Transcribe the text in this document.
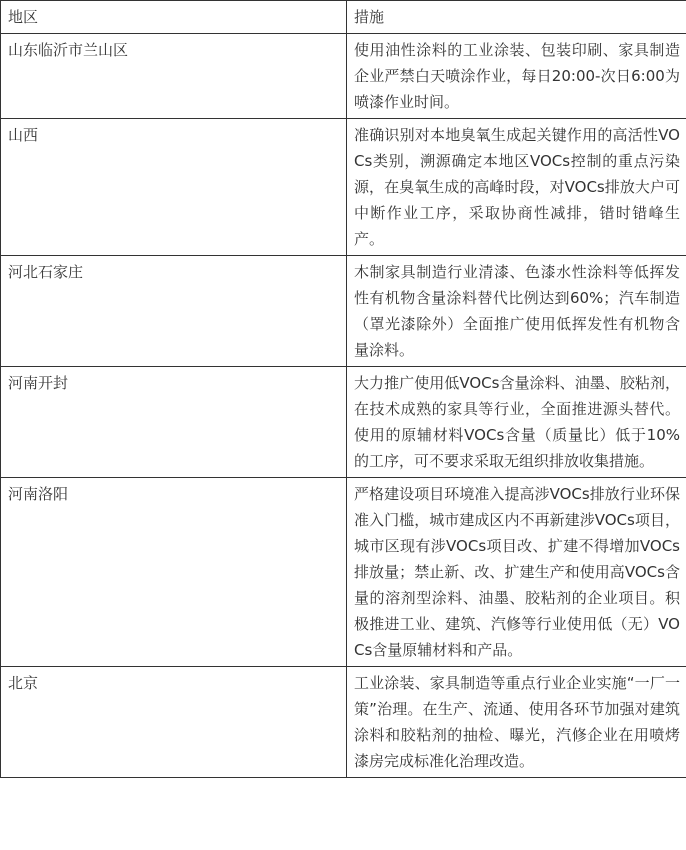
地区	措施
山东临沂市兰山区	使用油性涂料的工业涂装、包装印刷、家具制造企业严禁白天喷涂作业，每日20:00-次日6:00为喷漆作业时间。
山西	准确识别对本地臭氧生成起关键作用的高活性VOCs类别，溯源确定本地区VOCs控制的重点污染源，在臭氧生成的高峰时段，对VOCs排放大户可中断作业工序，采取协商性减排，错时错峰生产。
河北石家庄	木制家具制造行业清漆、色漆水性涂料等低挥发性有机物含量涂料替代比例达到60%；汽车制造（罩光漆除外）全面推广使用低挥发性有机物含量涂料。
河南开封	大力推广使用低VOCs含量涂料、油墨、胶粘剂，在技术成熟的家具等行业，全面推进源头替代。使用的原辅材料VOCs含量（质量比）低于10%的工序，可不要求采取无组织排放收集措施。
河南洛阳	严格建设项目环境准入提高涉VOCs排放行业环保准入门槛，城市建成区内不再新建涉VOCs项目，城市区现有涉VOCs项目改、扩建不得增加VOCs排放量；禁止新、改、扩建生产和使用高VOCs含量的溶剂型涂料、油墨、胶粘剂的企业项目。积极推进工业、建筑、汽修等行业使用低（无）VOCs含量原辅材料和产品。
北京	工业涂装、家具制造等重点行业企业实施“一厂一策”治理。在生产、流通、使用各环节加强对建筑涂料和胶粘剂的抽检、曝光，汽修企业在用喷烤漆房完成标准化治理改造。
